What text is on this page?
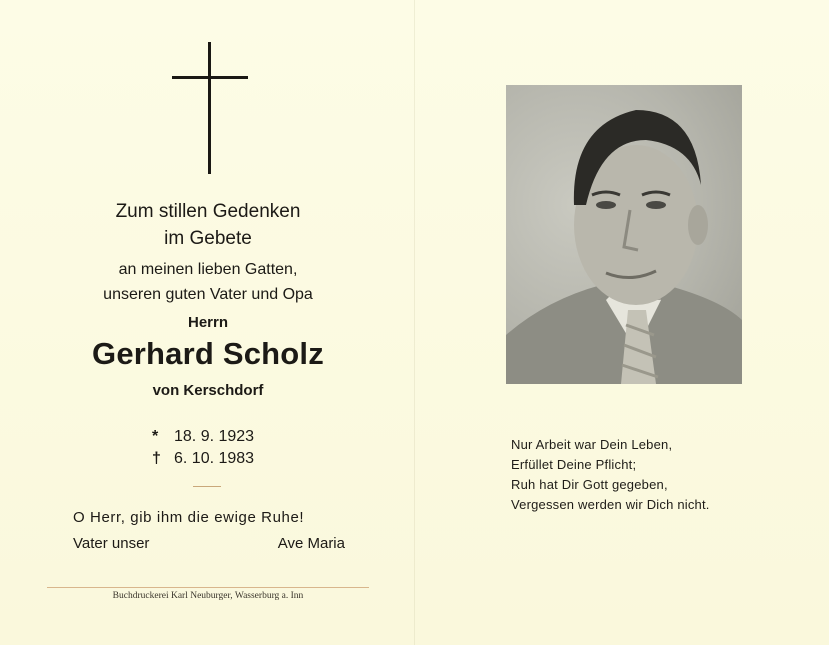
Zum stillen Gedenken
im Gebete
an meinen lieben Gatten,
unseren guten Vater und Opa
Herrn
Gerhard Scholz
von Kerschdorf
* 18. 9. 1923
† 6. 10. 1983
O Herr, gib ihm die ewige Ruhe!
Vater unser	Ave Maria
Buchdruckerei Karl Neuburger, Wasserburg a. Inn
Nur Arbeit war Dein Leben,
Erfüllet Deine Pflicht;
Ruh hat Dir Gott gegeben,
Vergessen werden wir Dich nicht.
